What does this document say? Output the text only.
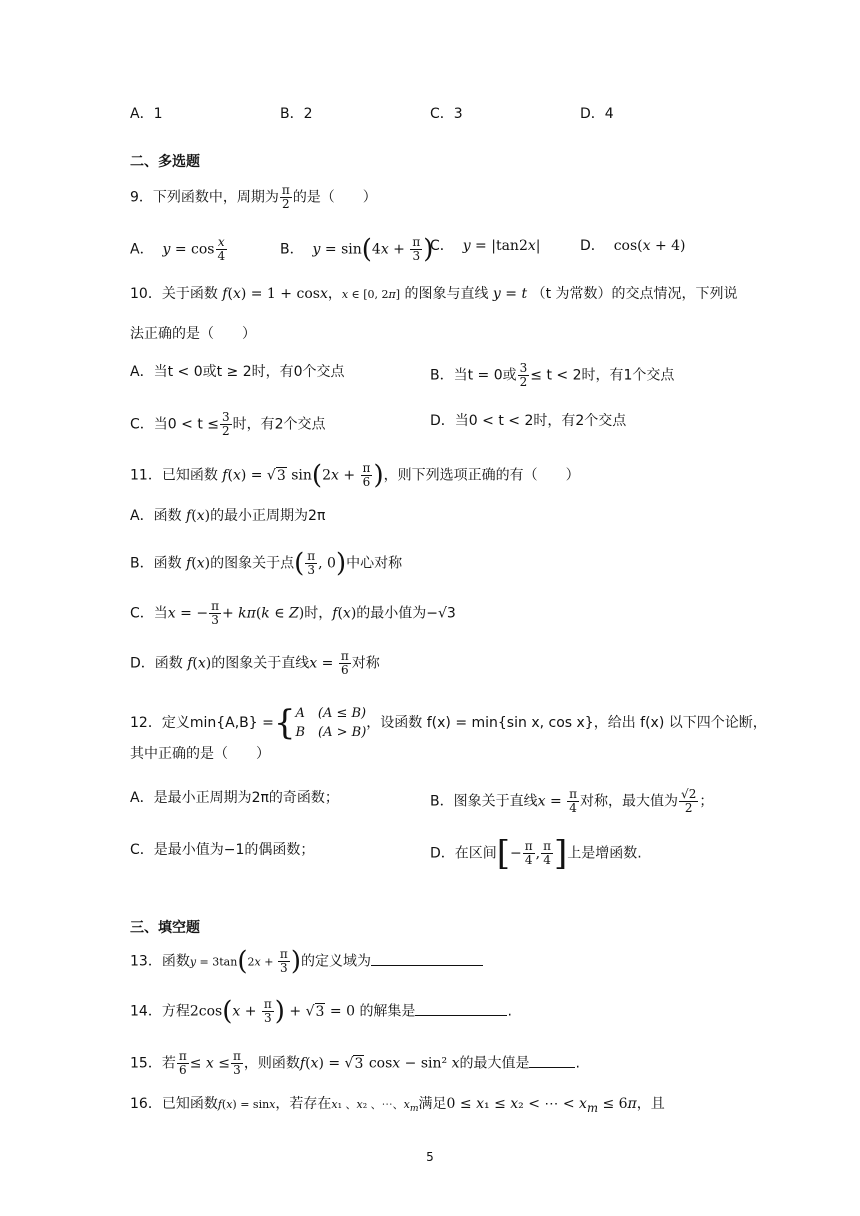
A．1	B．2	C．3	D．4
二、多选题
9．下列函数中，周期为 $\frac{\pi}{2}$ 的是（　　）
A． $y = \cos \frac{x}{4}$	B． $y = \sin(4x + \frac{\pi}{3}$ )
C． y = |tan2x|	D． cos(x + 4)
10．关于函数 f(x) = 1 + cosx，x ∈ [0, 2π] 的图象与直线 y = t （t 为常数）的交点情况，下列说
法正确的是（　　）
A．当t < 0或t ≥ 2时，有0个交点	B．当t = 0或 $\frac{3}{2} \le t < 2$时，有1个交点
C．当$0 < t \le \frac{3}{2}$ 时，有2个交点	D．当0 < t < 2时，有2个交点
11．已知函数 f(x) = √3 $\sin(2x + \frac{\pi}{6}$ )，则下列选项正确的有（　　）
A．函数 f(x)的最小正周期为2π
B．函数 f(x)的图象关于点( $\frac{\pi}{3}$ , 0)中心对称
C．当x = − $\frac{\pi}{3} + k\pi(k$ ∈ Z)时，f(x)的最小值为−√3
D．函数 f(x)的图象关于直线$x = \frac{\pi}{6}$ 对称
12．定义min{A,B} ={A　(A ≤ B)
B　(A > B)，设函数 f(x) = min{sin x, cos x}，给出 f(x) 以下四个论断，
其中正确的是（　　）
A．是最小正周期为2π的奇函数；	B．图象关于直线$x = \frac{\pi}{4}$ 对称，最大值为 $\frac{√2}{2}$ ；
C．是最小值为−1的偶函数；	D．在区间[− $\frac{\pi}{4}$ , $\frac{\pi}{4}$ ]上是增函数.
三、填空题
13．函数$y = 3\tan(2x + \frac{\pi}{3}$ )的定义域为
14．方程$2\cos(x + \frac{\pi}{3}$ ) + √3 = 0 的解集是	.
15．若 $\frac{\pi}{6} \le x \le \frac{\pi}{3}$ ，则函数f(x) = √3 cosx − sin² x的最大值是	.
16．已知函数f(x) = sinx，若存在x₁ 、x₂ 、⋯、$x_m$满足0 ≤ x₁ ≤ x₂ < ⋯ < $x_m \le 6\pi$，且
5
